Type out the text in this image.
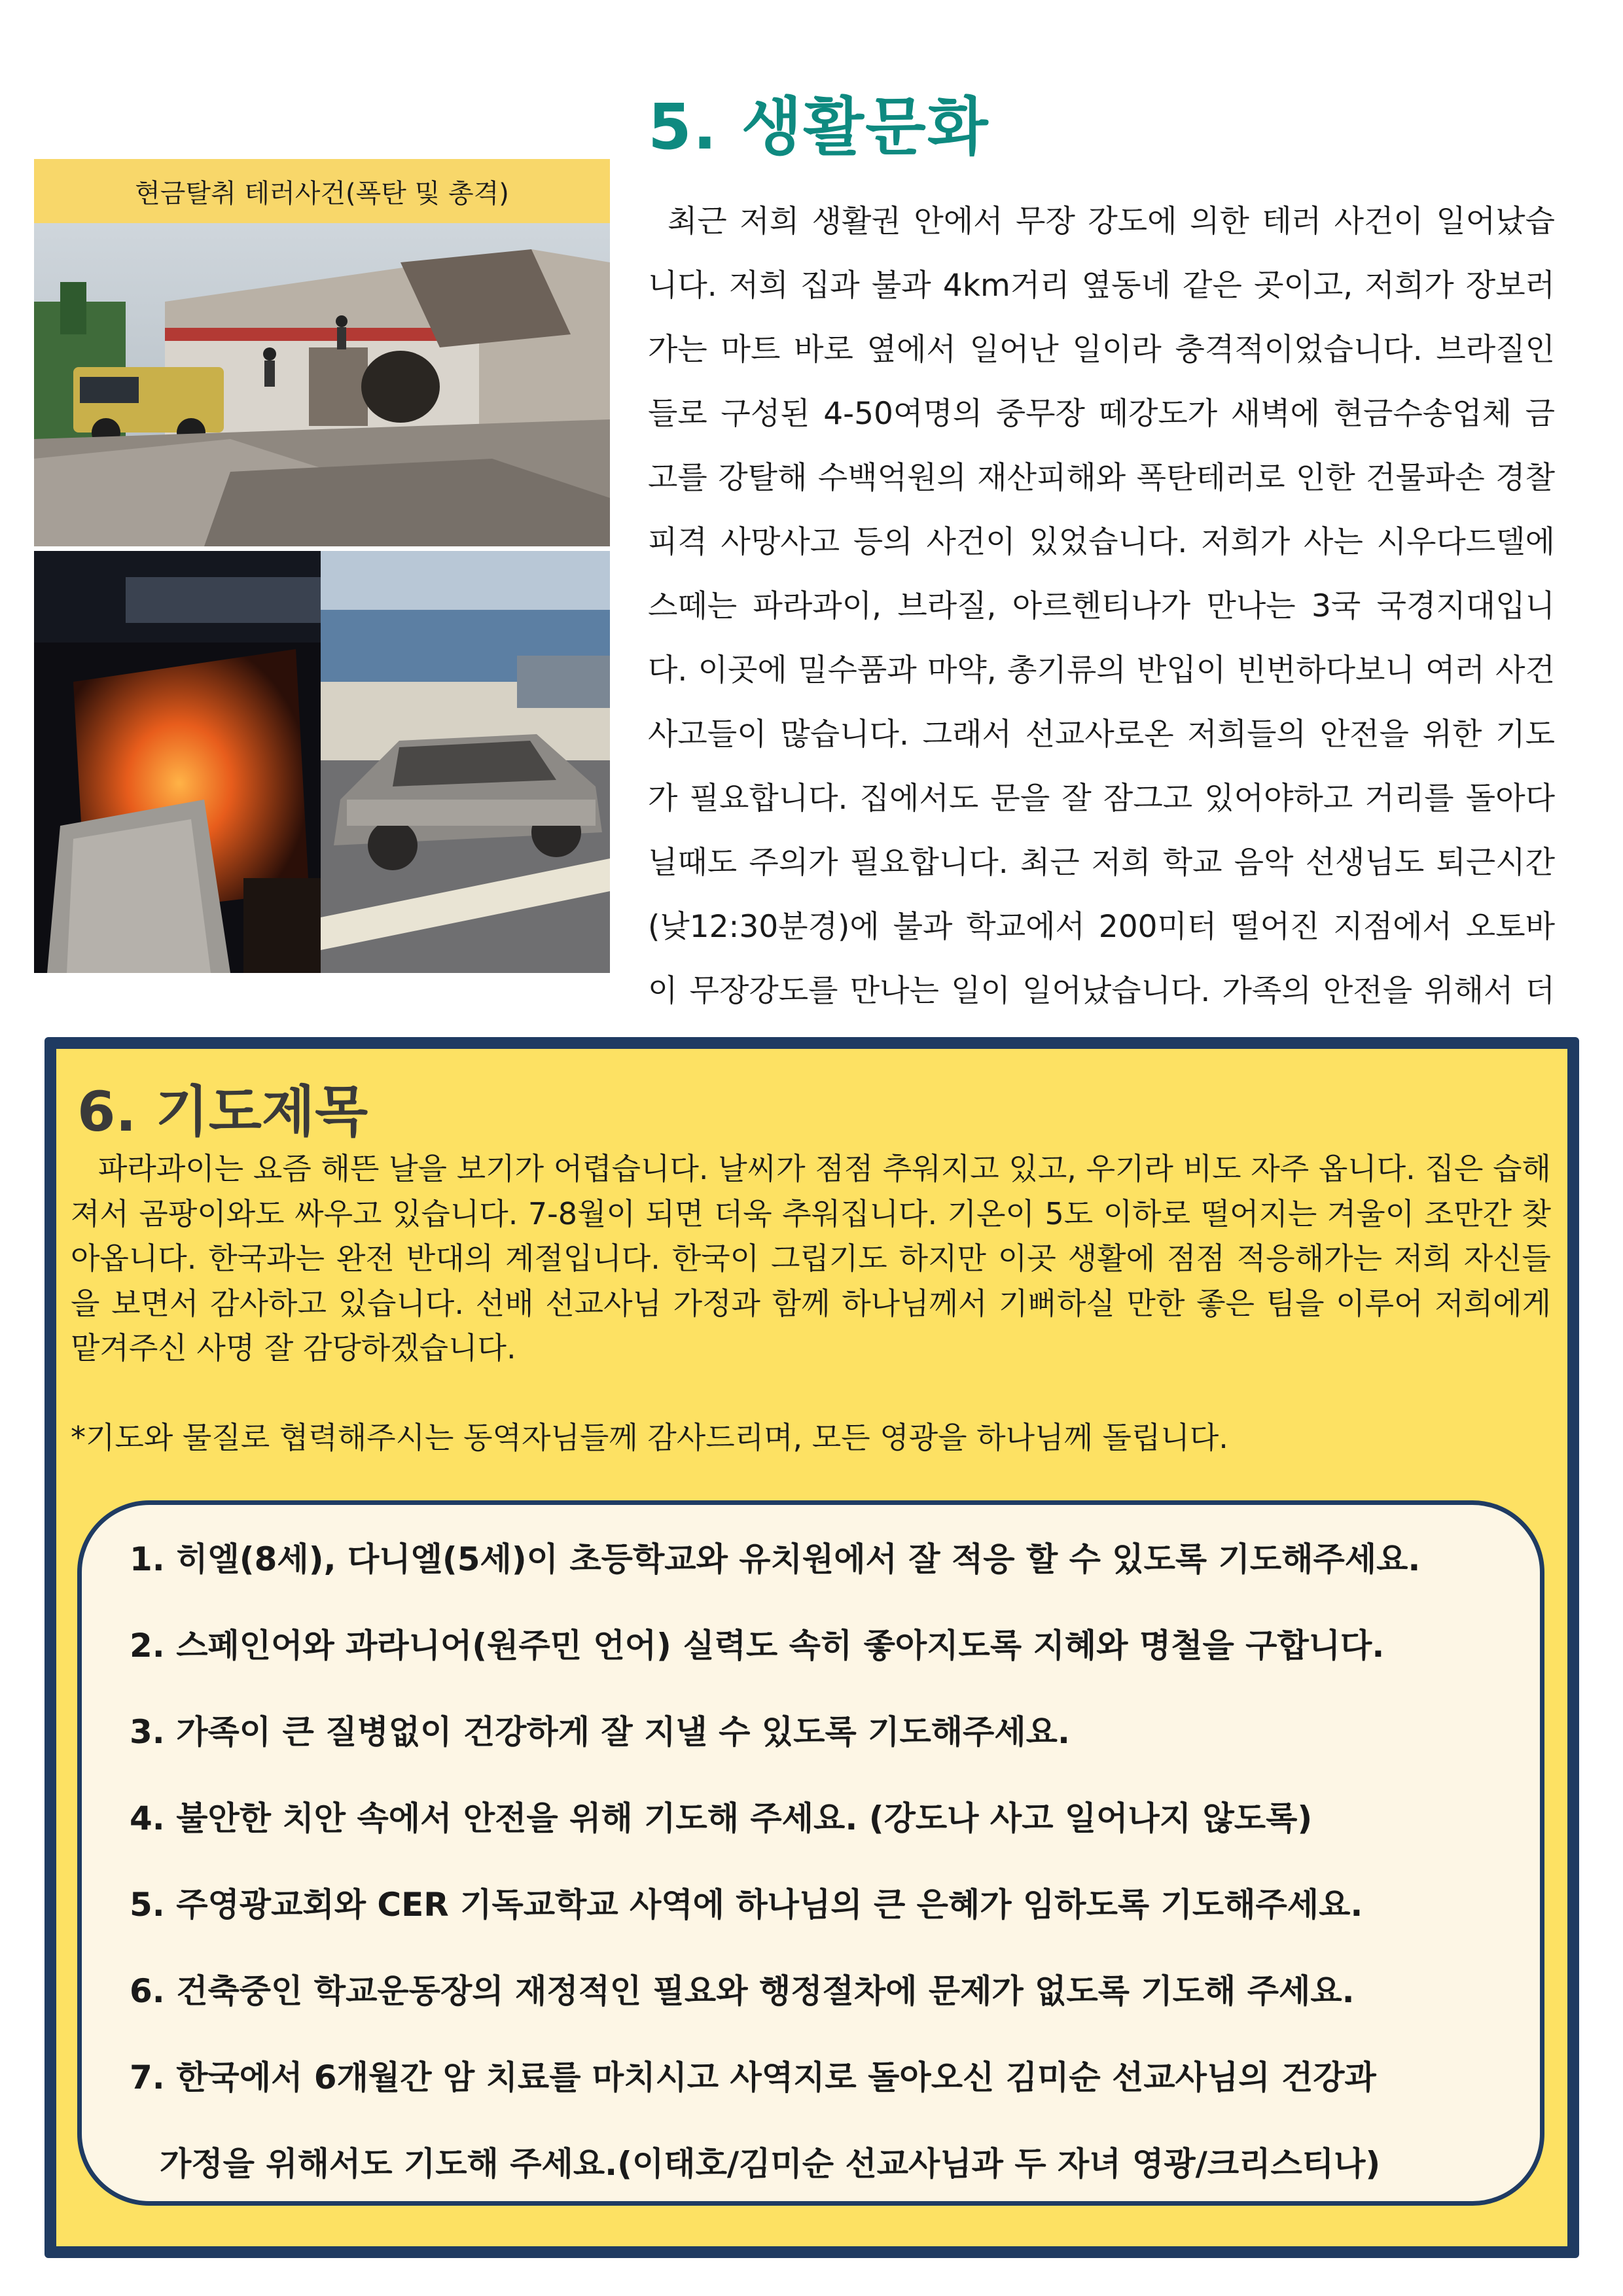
5. 생활문화
현금탈취 테러사건(폭탄 및 총격)
최근 저희 생활권 안에서 무장 강도에 의한 테러 사건이 일어났습니다. 저희 집과 불과 4km거리 옆동네 같은 곳이고, 저희가 장보러가는 마트 바로 옆에서 일어난 일이라 충격적이었습니다. 브라질인들로 구성된 4-50여명의 중무장 떼강도가 새벽에 현금수송업체 금고를 강탈해 수백억원의 재산피해와 폭탄테러로 인한 건물파손 경찰피격 사망사고 등의 사건이 있었습니다. 저희가 사는 시우다드델에스떼는 파라과이, 브라질, 아르헨티나가 만나는 3국 국경지대입니다. 이곳에 밀수품과 마약, 총기류의 반입이 빈번하다보니 여러 사건 사고들이 많습니다. 그래서 선교사로온 저희들의 안전을 위한 기도가 필요합니다. 집에서도 문을 잘 잠그고 있어야하고 거리를 돌아다닐때도 주의가 필요합니다. 최근 저희 학교 음악 선생님도 퇴근시간(낮12:30분경)에 불과 학교에서 200미터 떨어진 지점에서 오토바이 무장강도를 만나는 일이 일어났습니다. 가족의 안전을 위해서 더
6. 기도제목
파라과이는 요즘 해뜬 날을 보기가 어렵습니다. 날씨가 점점 추워지고 있고, 우기라 비도 자주 옵니다. 집은 습해져서 곰팡이와도 싸우고 있습니다. 7-8월이 되면 더욱 추워집니다. 기온이 5도 이하로 떨어지는 겨울이 조만간 찾아옵니다. 한국과는 완전 반대의 계절입니다. 한국이 그립기도 하지만 이곳 생활에 점점 적응해가는 저희 자신들을 보면서 감사하고 있습니다. 선배 선교사님 가정과 함께 하나님께서 기뻐하실 만한 좋은 팀을 이루어 저희에게 맡겨주신 사명 잘 감당하겠습니다.
*기도와 물질로 협력해주시는 동역자님들께 감사드리며, 모든 영광을 하나님께 돌립니다.
1. 히엘(8세), 다니엘(5세)이 초등학교와 유치원에서 잘 적응 할 수 있도록 기도해주세요.
2. 스페인어와 과라니어(원주민 언어) 실력도 속히 좋아지도록 지혜와 명철을 구합니다.
3. 가족이 큰 질병없이 건강하게 잘 지낼 수 있도록 기도해주세요.
4. 불안한 치안 속에서 안전을 위해 기도해 주세요. (강도나 사고 일어나지 않도록)
5. 주영광교회와 CER 기독교학교 사역에 하나님의 큰 은혜가 임하도록 기도해주세요.
6. 건축중인 학교운동장의 재정적인 필요와 행정절차에 문제가 없도록 기도해 주세요.
7. 한국에서 6개월간 암 치료를 마치시고 사역지로 돌아오신 김미순 선교사님의 건강과
가정을 위해서도 기도해 주세요.(이태호/김미순 선교사님과 두 자녀 영광/크리스티나)
